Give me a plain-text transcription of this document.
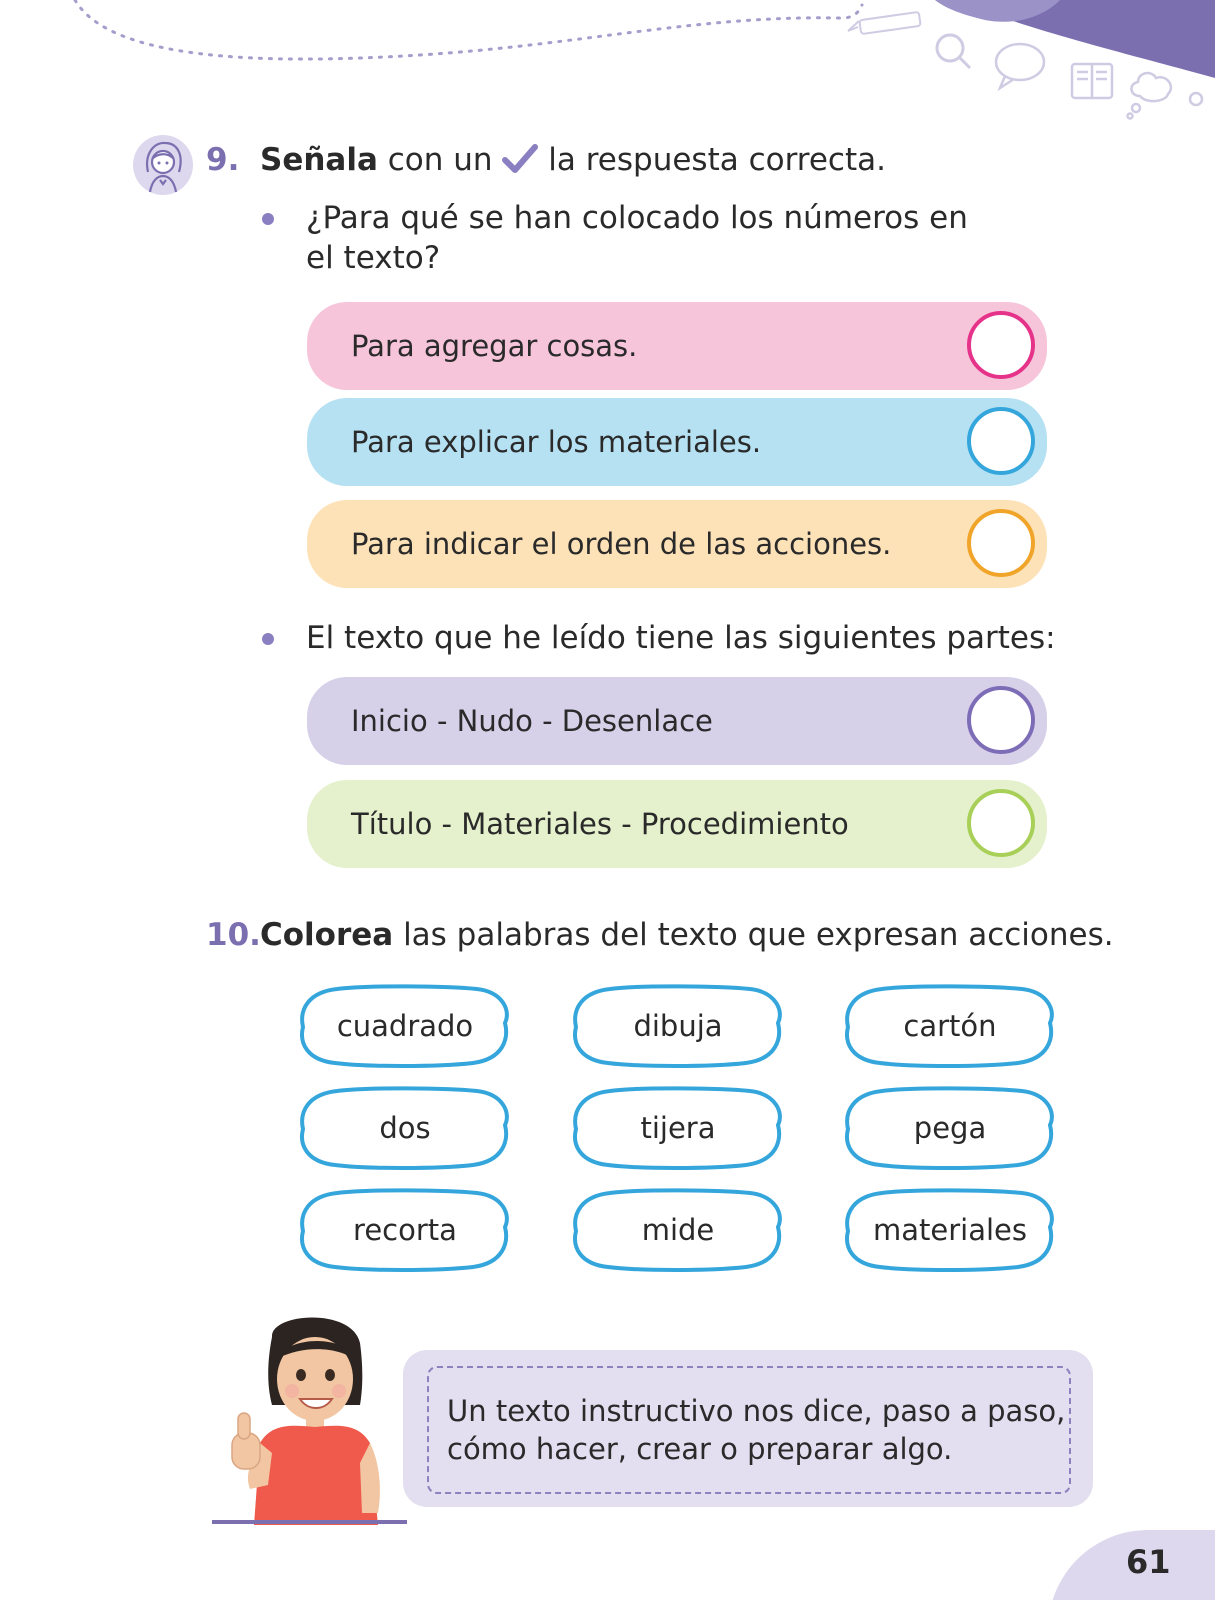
9. Señala con un la respuesta correcta.
¿Para qué se han colocado los números en
el texto?
Para agregar cosas.
Para explicar los materiales.
Para indicar el orden de las acciones.
El texto que he leído tiene las siguientes partes:
Inicio - Nudo - Desenlace
Título - Materiales - Procedimiento
10. Colorea las palabras del texto que expresan acciones.
cuadrado	dibuja	cartón
dos	tijera	pega
recorta	mide	materiales
Un texto instructivo nos dice, paso a paso,
cómo hacer, crear o preparar algo.
61
